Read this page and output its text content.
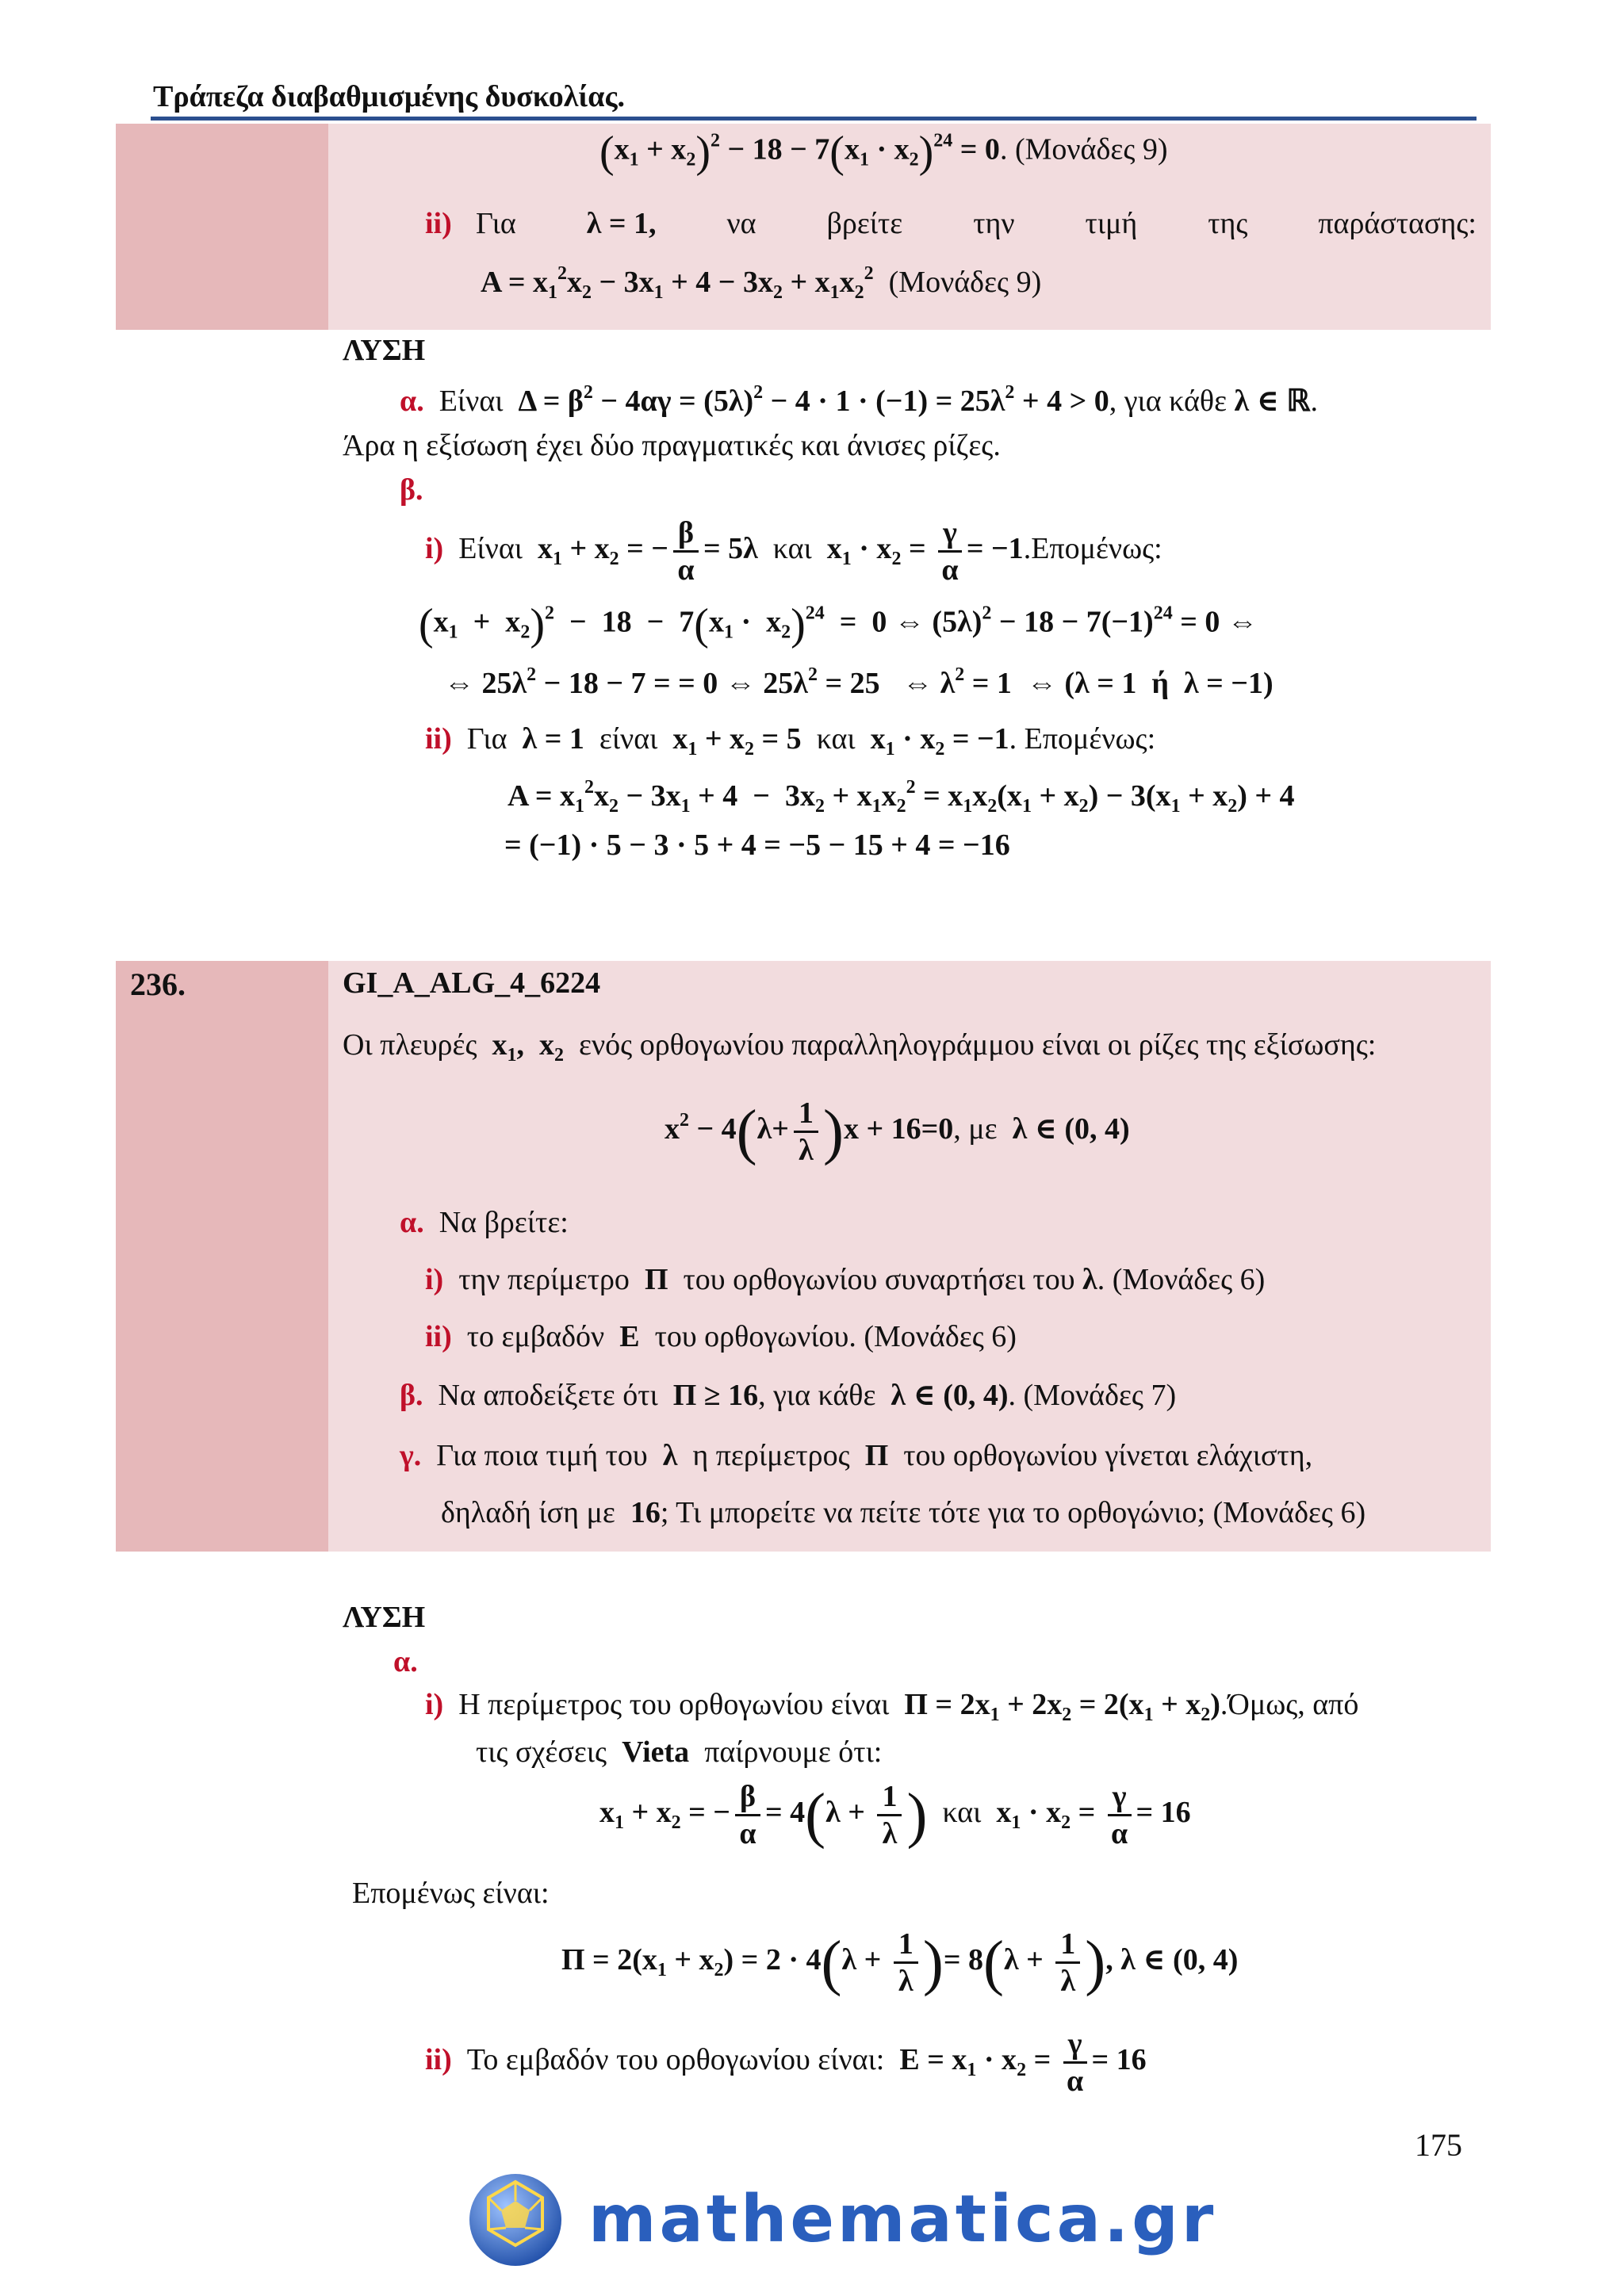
Τράπεζα διαβαθμισμένης δυσκολίας.
$(x_1 + x_2)^2 - 18 - 7(x_1 \cdot x_2)^{24} = 0$. (Μονάδες 9)
ii) Για λ = 1, να βρείτε την τιμή της παράστασης:
$A = x_1^2x_2 - 3x_1 + 4 - 3x_2 + x_1x_2^2$ (Μονάδες 9)
ΛΥΣΗ
α. Είναι $\Delta = \beta^2 - 4\alpha\gamma = (5\lambda)^2 - 4 \cdot 1 \cdot (-1) = 25\lambda^2 + 4 > 0$, για κάθε λ ∈ ℝ.
Άρα η εξίσωση έχει δύο πραγματικές και άνισες ρίζες.
β.
i) Είναι $x_1 + x_2$ = − $\frac{\beta}{\alpha} = 5\lambda$ και $x_1 \cdot x_2 = \frac{\gamma}{\alpha} = -1.E\pi o\mu έ\nu\omega\varsigma$:
$(x_1 + x_2)^2 - 18 - 7(x_1 \cdot x_2)^{24} = 0$ ⇔ $(5\lambda)^2 - 18 - 7(-1)^{24} = 0$ ⇔
⇔ $25\lambda^2 - 18 - 7$ = = 0 ⇔ $25\lambda^2 = 25$   ⇔ $\lambda^2 = 1$  ⇔ (λ = 1  ή  λ = −1)
ii) Για λ = 1 είναι $x_1 + x_2 = 5$ και $x_1 \cdot x_2 = -1$. Επομένως:
$A = x_1^2x_2 - 3x_1 + 4 - 3x_2 + x_1x_2^2 = x_1x_2(x_1 + x_2) - 3(x_1 + x_2) + 4$
= (−1) · 5 − 3 · 5 + 4 = −5 − 15 + 4 = −16
236.	GI_A_ALG_4_6224
Οι πλευρές $x_1$,  $x_2$ ενός ορθογωνίου παραλληλογράμμου είναι οι ρίζες της εξίσωσης:
$x^2 - 4(\lambda+ \frac{1}{\lambda} )x + 16=0$, με λ ∈ (0, 4)
α. Να βρείτε:
i) την περίμετρο Π του ορθογωνίου συναρτήσει του λ. (Μονάδες 6)
ii) το εμβαδόν E του ορθογωνίου. (Μονάδες 6)
β. Να αποδείξετε ότι Π ≥ 16, για κάθε λ ∈ (0, 4). (Μονάδες 7)
γ. Για ποια τιμή του λ η περίμετρος Π του ορθογωνίου γίνεται ελάχιστη,
δηλαδή ίση με 16; Τι μπορείτε να πείτε τότε για το ορθογώνιο; (Μονάδες 6)
ΛΥΣΗ
α.
i) Η περίμετρος του ορθογωνίου είναι $\Pi = 2x_1 + 2x_2 = 2(x_1 + x_2).Ό\mu\omega\varsigma$, από
τις σχέσεις Vieta παίρνουμε ότι:
$x_1 + x_2$ = − $\frac{\beta}{\alpha} = 4(\lambda + \frac{1}{\lambda}$ ) και $x_1 \cdot x_2 = \frac{\gamma}{\alpha} = 16$
Επομένως είναι:
$\Pi = 2(x_1 + x_2) = 2 \cdot 4(\lambda + \frac{1}{\lambda}$ )= $8(\lambda + \frac{1}{\lambda}$ ), λ ∈ (0, 4)
ii) Το εμβαδόν του ορθογωνίου είναι: $E = x_1 \cdot x_2 = \frac{\gamma}{\alpha} = 16$
175
mathematica.gr
